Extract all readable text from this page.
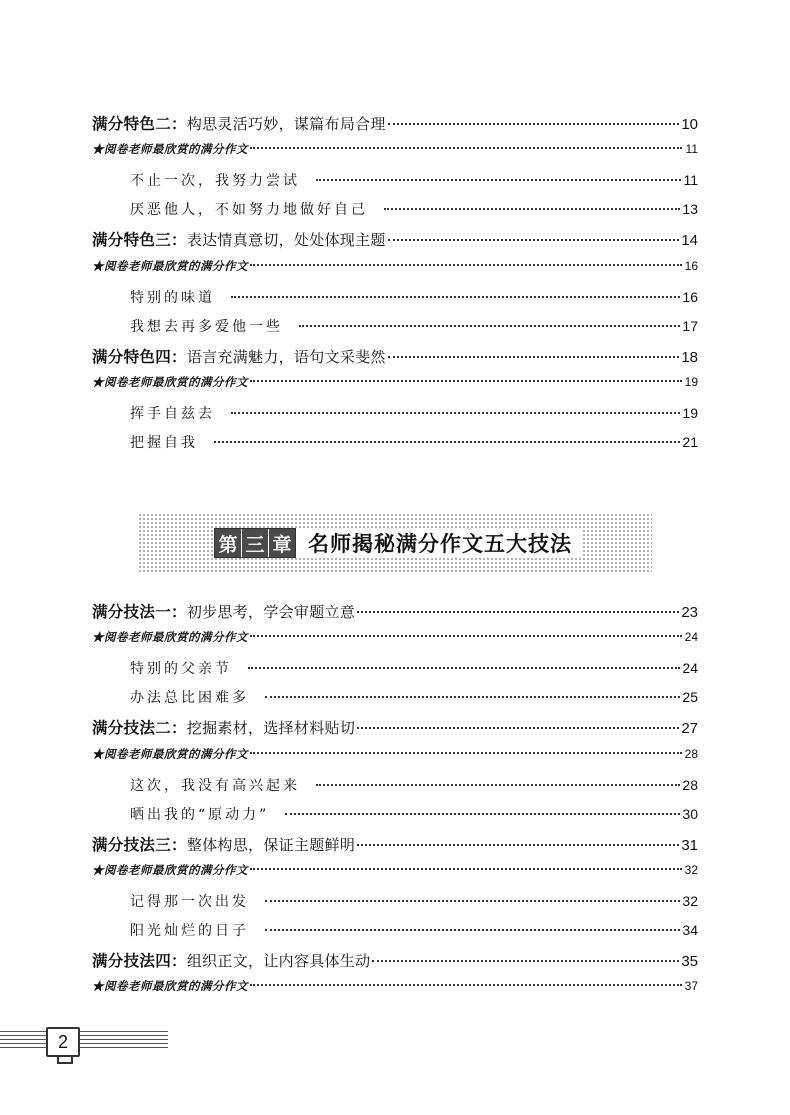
满分特色二：构思灵活巧妙，谋篇布局合理	10
★阅卷老师最欣赏的满分作文	11
不止一次，我努力尝试	11
厌恶他人，不如努力地做好自己	13
满分特色三：表达情真意切，处处体现主题	14
★阅卷老师最欣赏的满分作文	16
特别的味道	16
我想去再多爱他一些	17
满分特色四：语言充满魅力，语句文采斐然	18
★阅卷老师最欣赏的满分作文	19
挥手自兹去	19
把握自我	21
第 三 章 名师揭秘满分作文五大技法
满分技法一：初步思考，学会审题立意	23
★阅卷老师最欣赏的满分作文	24
特别的父亲节	24
办法总比困难多	25
满分技法二：挖掘素材，选择材料贴切	27
★阅卷老师最欣赏的满分作文	28
这次，我没有高兴起来	28
晒出我的“原动力”	30
满分技法三：整体构思，保证主题鲜明	31
★阅卷老师最欣赏的满分作文	32
记得那一次出发	32
阳光灿烂的日子	34
满分技法四：组织正文，让内容具体生动	35
★阅卷老师最欣赏的满分作文	37
2
